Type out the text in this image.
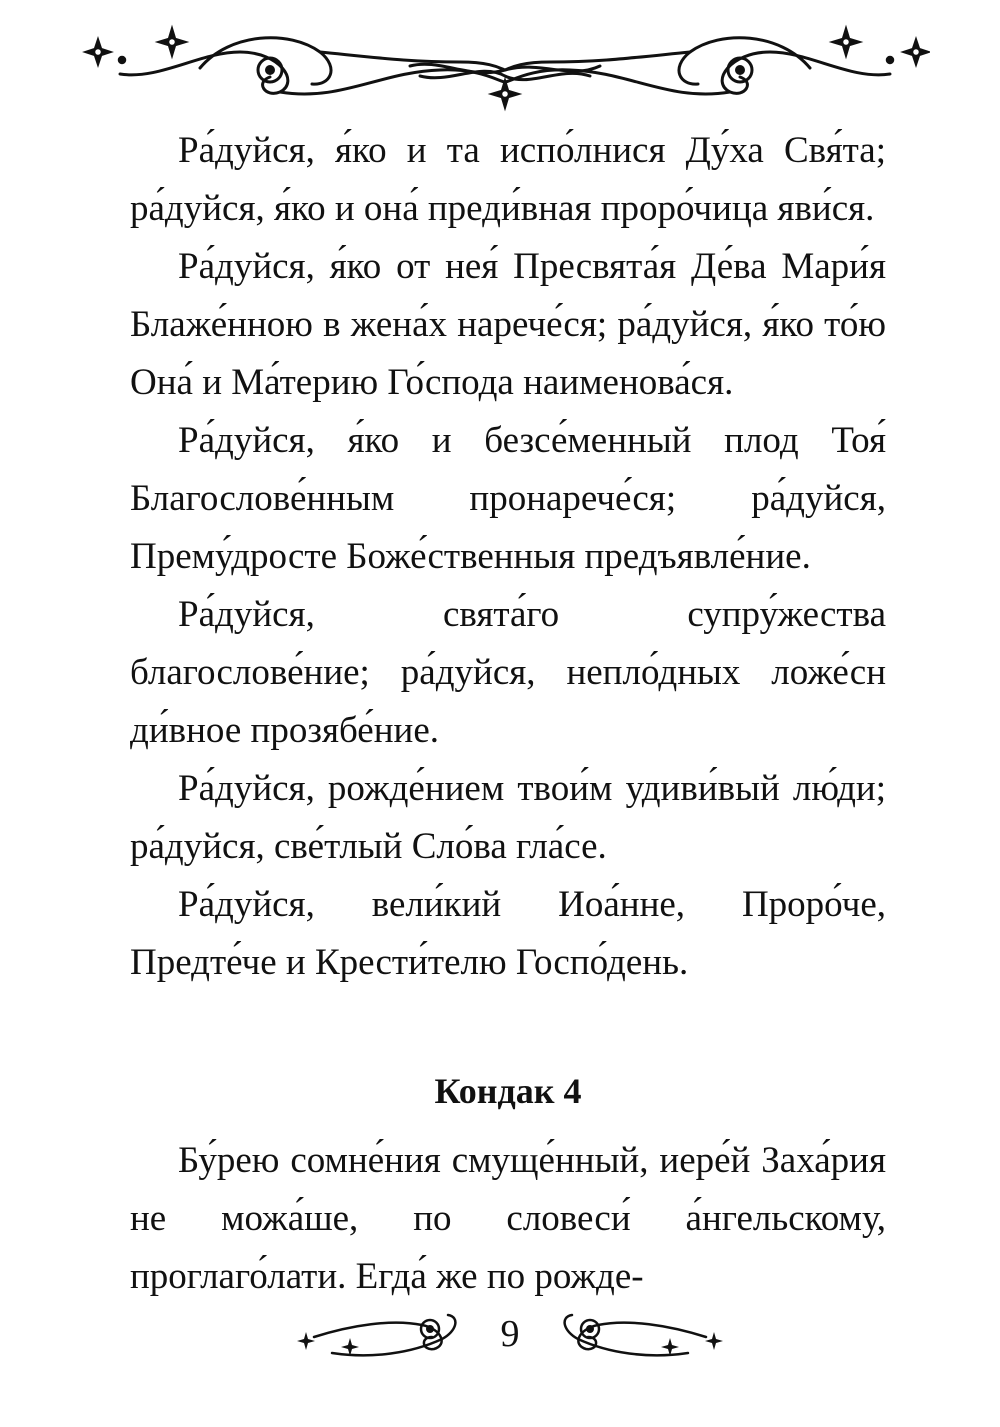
Ра́дуйся, я́ко и та испо́лнися Ду́ха Свя́та; ра́дуйся, я́ко и она́ преди́вная проро́чица яви́ся.

Ра́дуйся, я́ко от нея́ Пресвята́я Де́ва Мари́я Блаже́нною в жена́х нарече́ся; ра́дуйся, я́ко то́ю Она́ и Ма́терию Го́спода наименова́ся.

Ра́дуйся, я́ко и безсе́менный плод Тоя́ Благослове́нным пронарече́ся; ра́дуйся, Прему́дросте Боже́ственныя предъявле́ние.

Ра́дуйся, свята́го супру́жества благослове́ние; ра́дуйся, непло́дных ложе́сн ди́вное прозябе́ние.

Ра́дуйся, рожде́нием твои́м удиви́вый лю́ди; ра́дуйся, све́тлый Сло́ва гла́се.

Ра́дуйся, вели́кий Иоа́нне, Проро́че, Предте́че и Крести́телю Госпо́день.

Кондак 4

Бу́рею сомне́ния смуще́нный, иере́й Заха́рия не можа́ше, по словеси́ а́нгельскому, проглаго́лати. Егда́ же по рожде-

9
